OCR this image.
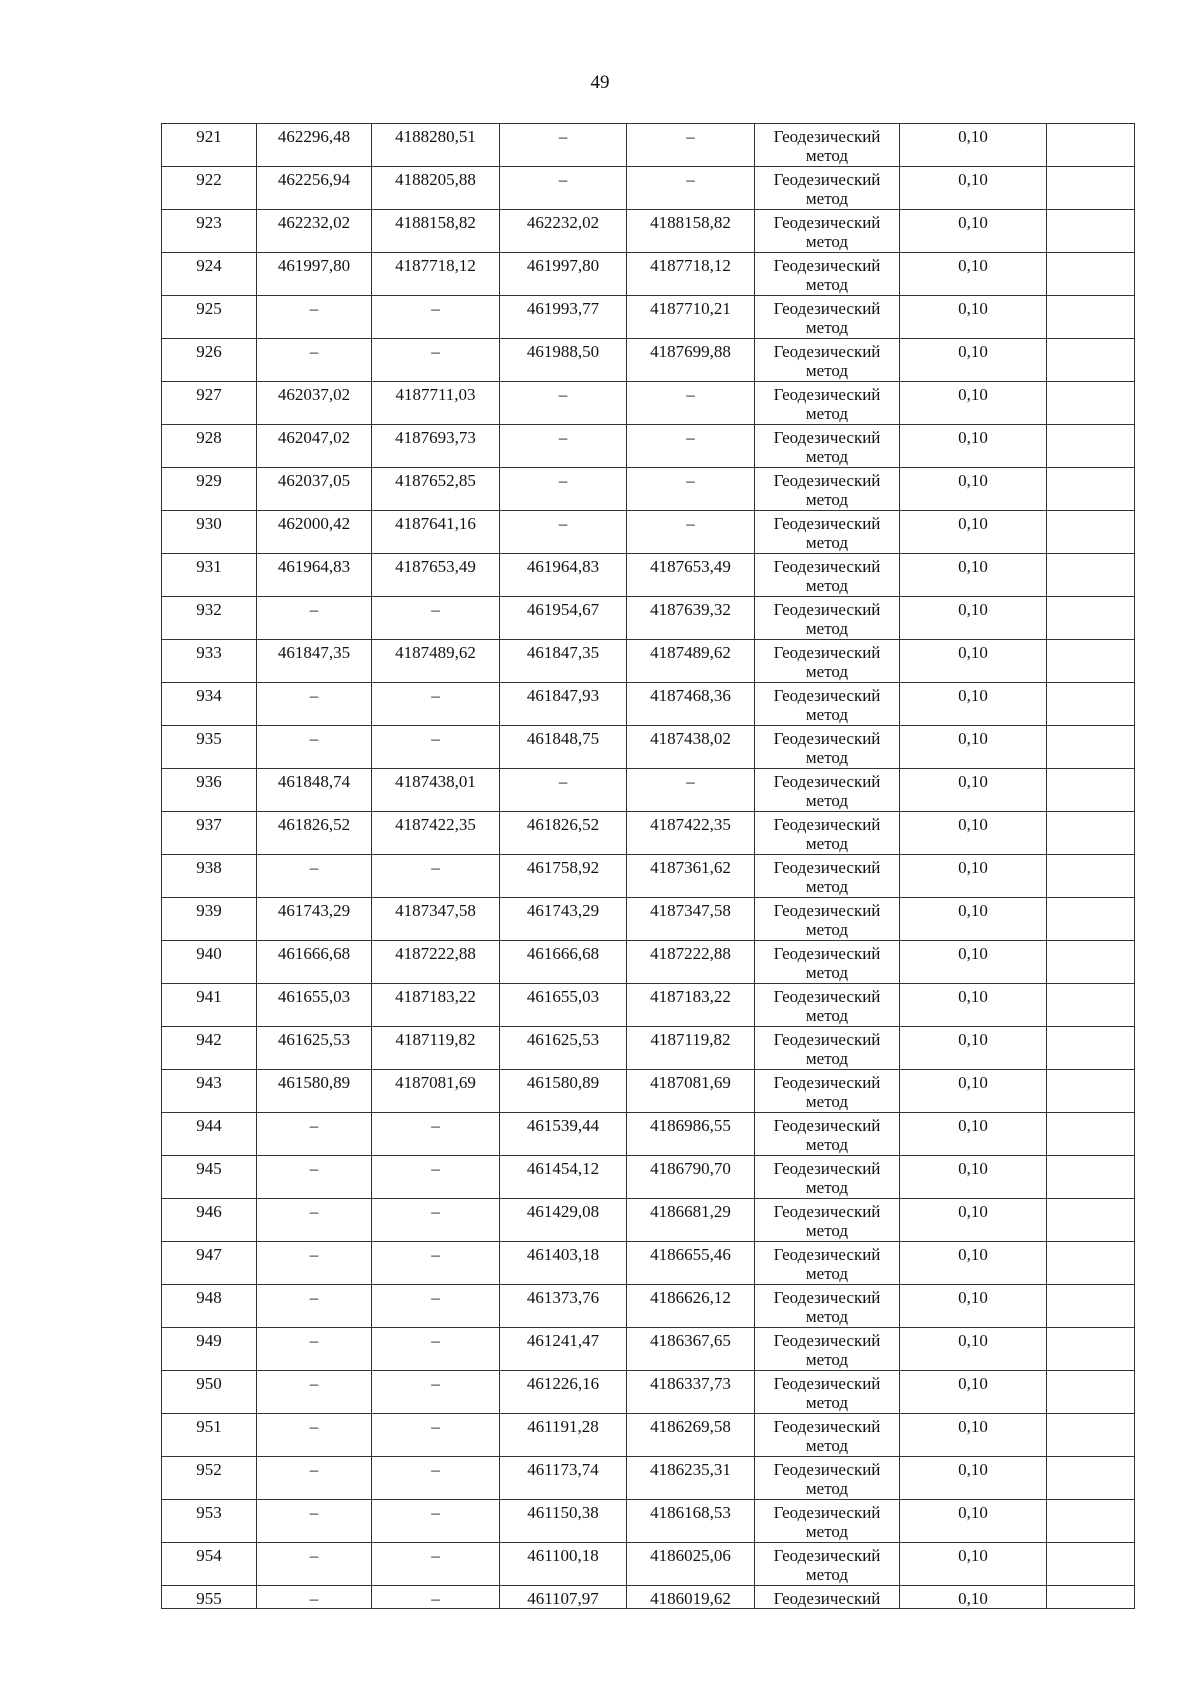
49
921	462296,48	4188280,51	–	–	Геодезический
метод	0,10	

922	462256,94	4188205,88	–	–	Геодезический
метод	0,10	

923	462232,02	4188158,82	462232,02	4188158,82	Геодезический
метод	0,10	

924	461997,80	4187718,12	461997,80	4187718,12	Геодезический
метод	0,10	

925	–	–	461993,77	4187710,21	Геодезический
метод	0,10	

926	–	–	461988,50	4187699,88	Геодезический
метод	0,10	

927	462037,02	4187711,03	–	–	Геодезический
метод	0,10	

928	462047,02	4187693,73	–	–	Геодезический
метод	0,10	

929	462037,05	4187652,85	–	–	Геодезический
метод	0,10	

930	462000,42	4187641,16	–	–	Геодезический
метод	0,10	

931	461964,83	4187653,49	461964,83	4187653,49	Геодезический
метод	0,10	

932	–	–	461954,67	4187639,32	Геодезический
метод	0,10	

933	461847,35	4187489,62	461847,35	4187489,62	Геодезический
метод	0,10	

934	–	–	461847,93	4187468,36	Геодезический
метод	0,10	

935	–	–	461848,75	4187438,02	Геодезический
метод	0,10	

936	461848,74	4187438,01	–	–	Геодезический
метод	0,10	

937	461826,52	4187422,35	461826,52	4187422,35	Геодезический
метод	0,10	

938	–	–	461758,92	4187361,62	Геодезический
метод	0,10	

939	461743,29	4187347,58	461743,29	4187347,58	Геодезический
метод	0,10	

940	461666,68	4187222,88	461666,68	4187222,88	Геодезический
метод	0,10	

941	461655,03	4187183,22	461655,03	4187183,22	Геодезический
метод	0,10	

942	461625,53	4187119,82	461625,53	4187119,82	Геодезический
метод	0,10	

943	461580,89	4187081,69	461580,89	4187081,69	Геодезический
метод	0,10	

944	–	–	461539,44	4186986,55	Геодезический
метод	0,10	

945	–	–	461454,12	4186790,70	Геодезический
метод	0,10	

946	–	–	461429,08	4186681,29	Геодезический
метод	0,10	

947	–	–	461403,18	4186655,46	Геодезический
метод	0,10	

948	–	–	461373,76	4186626,12	Геодезический
метод	0,10	

949	–	–	461241,47	4186367,65	Геодезический
метод	0,10	

950	–	–	461226,16	4186337,73	Геодезический
метод	0,10	

951	–	–	461191,28	4186269,58	Геодезический
метод	0,10	

952	–	–	461173,74	4186235,31	Геодезический
метод	0,10	

953	–	–	461150,38	4186168,53	Геодезический
метод	0,10	

954	–	–	461100,18	4186025,06	Геодезический
метод	0,10	

955	–	–	461107,97	4186019,62	Геодезический	0,10	
